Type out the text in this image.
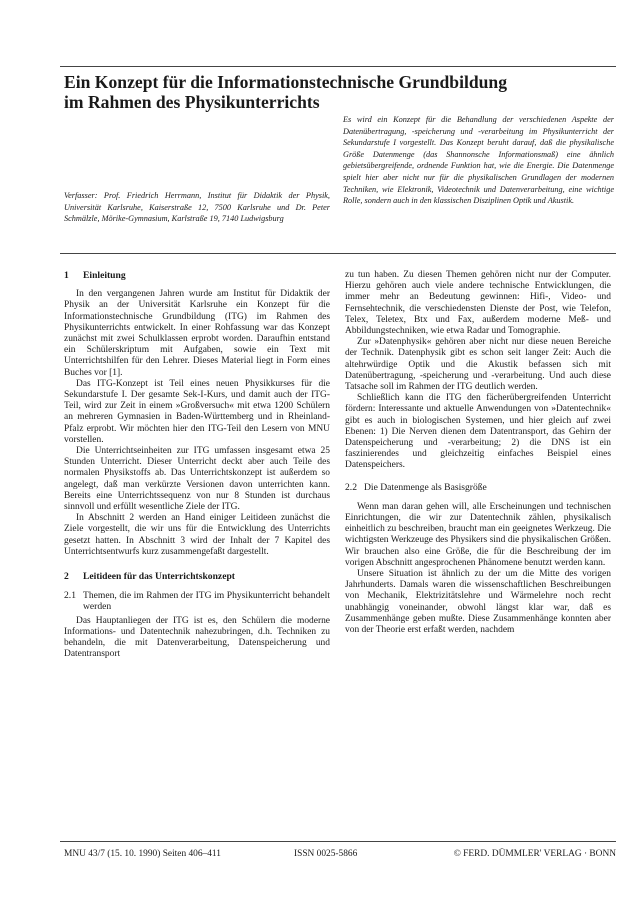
Ein Konzept für die Informationstechnische Grundbildung
im Rahmen des Physikunterrichts
Es wird ein Konzept für die Behandlung der verschiedenen Aspekte der Datenübertragung, -speicherung und -verarbeitung im Physikunterricht der Sekundarstufe I vorgestellt. Das Konzept beruht darauf, daß die physikalische Größe Datenmenge (das Shannonsche Informationsmaß) eine ähnlich gebietsübergreifende, ordnende Funktion hat, wie die Energie. Die Datenmenge spielt hier aber nicht nur für die physikalischen Grundlagen der modernen Techniken, wie Elektronik, Videotechnik und Datenverarbeitung, eine wichtige Rolle, sondern auch in den klassischen Disziplinen Optik und Akustik.
Verfasser: Prof. Friedrich Herrmann, Institut für Didaktik der Physik, Universität Karlsruhe, Kaiserstraße 12, 7500 Karlsruhe und Dr. Peter Schmälzle, Mörike-Gymnasium, Karlstraße 19, 7140 Ludwigsburg
1 Einleitung

In den vergangenen Jahren wurde am Institut für Didaktik der Physik an der Universität Karlsruhe ein Konzept für die Informationstechnische Grundbildung (ITG) im Rahmen des Physikunterrichts entwickelt. In einer Rohfassung war das Konzept zunächst mit zwei Schulklassen erprobt worden. Daraufhin entstand ein Schülerskriptum mit Aufgaben, sowie ein Text mit Unterrichtshilfen für den Lehrer. Dieses Material liegt in Form eines Buches vor [1].

Das ITG-Konzept ist Teil eines neuen Physikkurses für die Sekundarstufe I. Der gesamte Sek-I-Kurs, und damit auch der ITG-Teil, wird zur Zeit in einem »Großversuch« mit etwa 1200 Schülern an mehreren Gymnasien in Baden-Württemberg und in Rheinland-Pfalz erprobt. Wir möchten hier den ITG-Teil den Lesern von MNU vorstellen.

Die Unterrichtseinheiten zur ITG umfassen insgesamt etwa 25 Stunden Unterricht. Dieser Unterricht deckt aber auch Teile des normalen Physikstoffs ab. Das Unterrichtskonzept ist außerdem so angelegt, daß man verkürzte Versionen davon unterrichten kann. Bereits eine Unterrichtssequenz von nur 8 Stunden ist durchaus sinnvoll und erfüllt wesentliche Ziele der ITG.

In Abschnitt 2 werden an Hand einiger Leitideen zunächst die Ziele vorgestellt, die wir uns für die Entwicklung des Unterrichts gesetzt hatten. In Abschnitt 3 wird der Inhalt der 7 Kapitel des Unterrichtsentwurfs kurz zusammengefaßt dargestellt.

2 Leitideen für das Unterrichtskonzept
2.1 Themen, die im Rahmen der ITG im Physikunterricht behandelt werden

Das Hauptanliegen der ITG ist es, den Schülern die moderne Informations- und Datentechnik nahezubringen, d.h. Techniken zu behandeln, die mit Datenverarbeitung, Datenspeicherung und Datentransport

zu tun haben. Zu diesen Themen gehören nicht nur der Computer. Hierzu gehören auch viele andere technische Entwicklungen, die immer mehr an Bedeutung gewinnen: Hifi-, Video- und Fernsehtechnik, die verschiedensten Dienste der Post, wie Telefon, Telex, Teletex, Btx und Fax, außerdem moderne Meß- und Abbildungstechniken, wie etwa Radar und Tomographie.

Zur »Datenphysik« gehören aber nicht nur diese neuen Bereiche der Technik. Datenphysik gibt es schon seit langer Zeit: Auch die altehrwürdige Optik und die Akustik befassen sich mit Datenübertragung, -speicherung und -verarbeitung. Und auch diese Tatsache soll im Rahmen der ITG deutlich werden.

Schließlich kann die ITG den fächerübergreifenden Unterricht fördern: Interessante und aktuelle Anwendungen von »Datentechnik« gibt es auch in biologischen Systemen, und hier gleich auf zwei Ebenen: 1) Die Nerven dienen dem Datentransport, das Gehirn der Datenspeicherung und -verarbeitung; 2) die DNS ist ein faszinierendes und gleichzeitig einfaches Beispiel eines Datenspeichers.

2.2 Die Datenmenge als Basisgröße

Wenn man daran gehen will, alle Erscheinungen und technischen Einrichtungen, die wir zur Datentechnik zählen, physikalisch einheitlich zu beschreiben, braucht man ein geeignetes Werkzeug. Die wichtigsten Werkzeuge des Physikers sind die physikalischen Größen. Wir brauchen also eine Größe, die für die Beschreibung der im vorigen Abschnitt angesprochenen Phänomene benutzt werden kann.

Unsere Situation ist ähnlich zu der um die Mitte des vorigen Jahrhunderts. Damals waren die wissenschaftlichen Beschreibungen von Mechanik, Elektrizitätslehre und Wärmelehre noch recht unabhängig voneinander, obwohl längst klar war, daß es Zusammenhänge geben mußte. Diese Zusammenhänge konnten aber von der Theorie erst erfaßt werden, nachdem

MNU 43/7 (15. 10. 1990) Seiten 406–411	ISSN 0025-5866	© FERD. DÜMMLER' VERLAG · BONN
